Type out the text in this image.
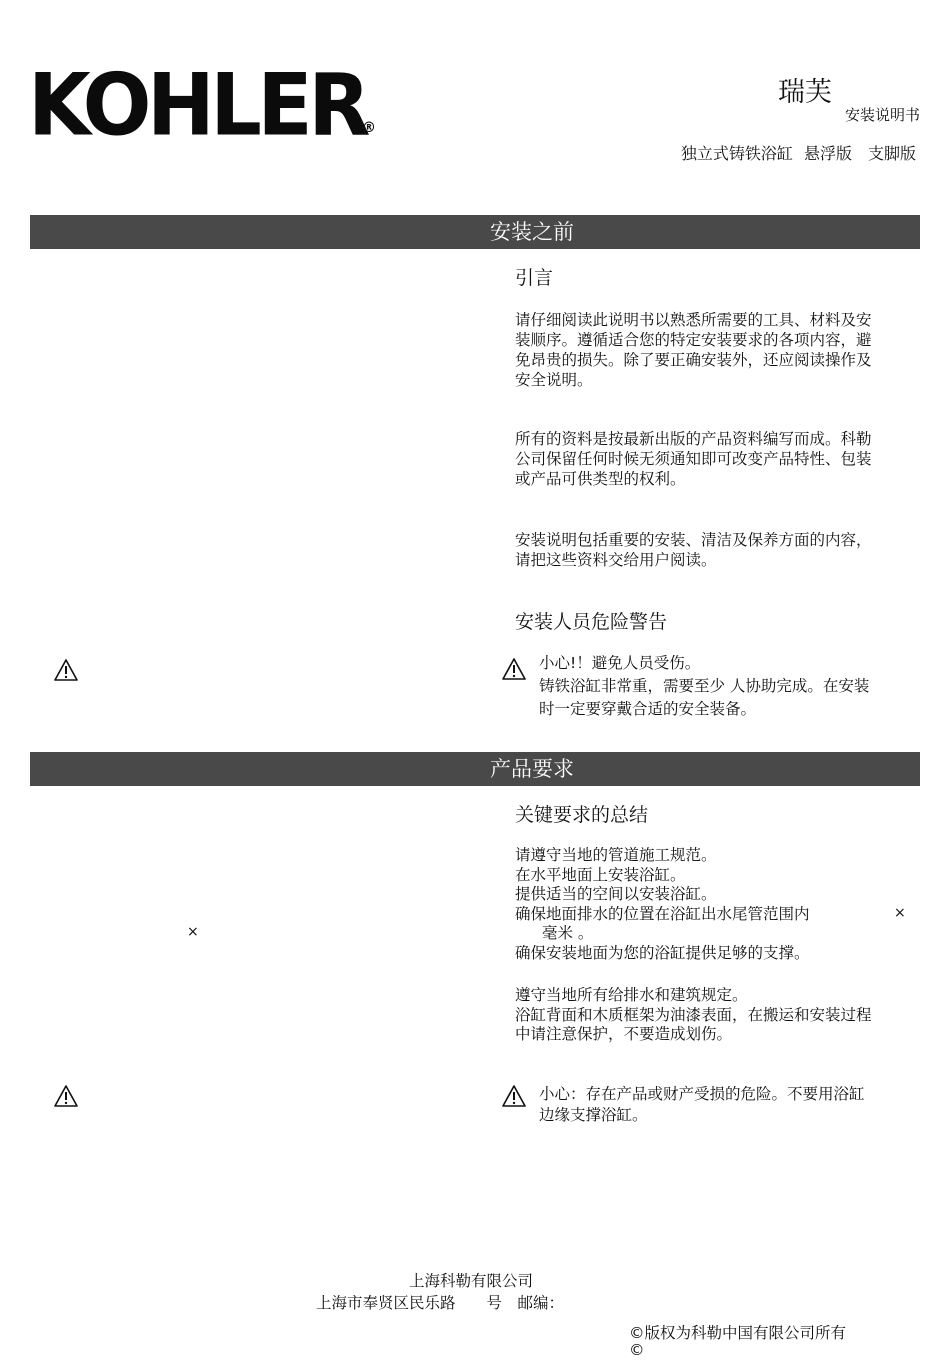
KOHLER
®
瑞芙
安装说明书
独立式铸铁浴缸 悬浮版　支脚版
安装之前
引言
请仔细阅读此说明书以熟悉所需要的工具、材料及安
装顺序。遵循适合您的特定安装要求的各项内容，避
免昂贵的损失。除了要正确安装外，还应阅读操作及
安全说明。
所有的资料是按最新出版的产品资料编写而成。科勒
公司保留任何时候无须通知即可改变产品特性、包装
或产品可供类型的权利。
安装说明包括重要的安装、清洁及保养方面的内容，
请把这些资料交给用户阅读。
安装人员危险警告
小心!！避免人员受伤。
铸铁浴缸非常重，需要至少 人协助完成。在安装
时一定要穿戴合适的安全装备。
产品要求
关键要求的总结
请遵守当地的管道施工规范。
在水平地面上安装浴缸。
提供适当的空间以安装浴缸。
确保地面排水的位置在浴缸出水尾管范围内
毫米 。
确保安装地面为您的浴缸提供足够的支撑。
×
×
遵守当地所有给排水和建筑规定。
浴缸背面和木质框架为油漆表面，在搬运和安装过程
中请注意保护，不要造成划伤。
小心：存在产品或财产受损的危险。不要用浴缸
边缘支撑浴缸。
上海科勒有限公司
上海市奉贤区民乐路　　号　邮编：
©版权为科勒中国有限公司所有
©
